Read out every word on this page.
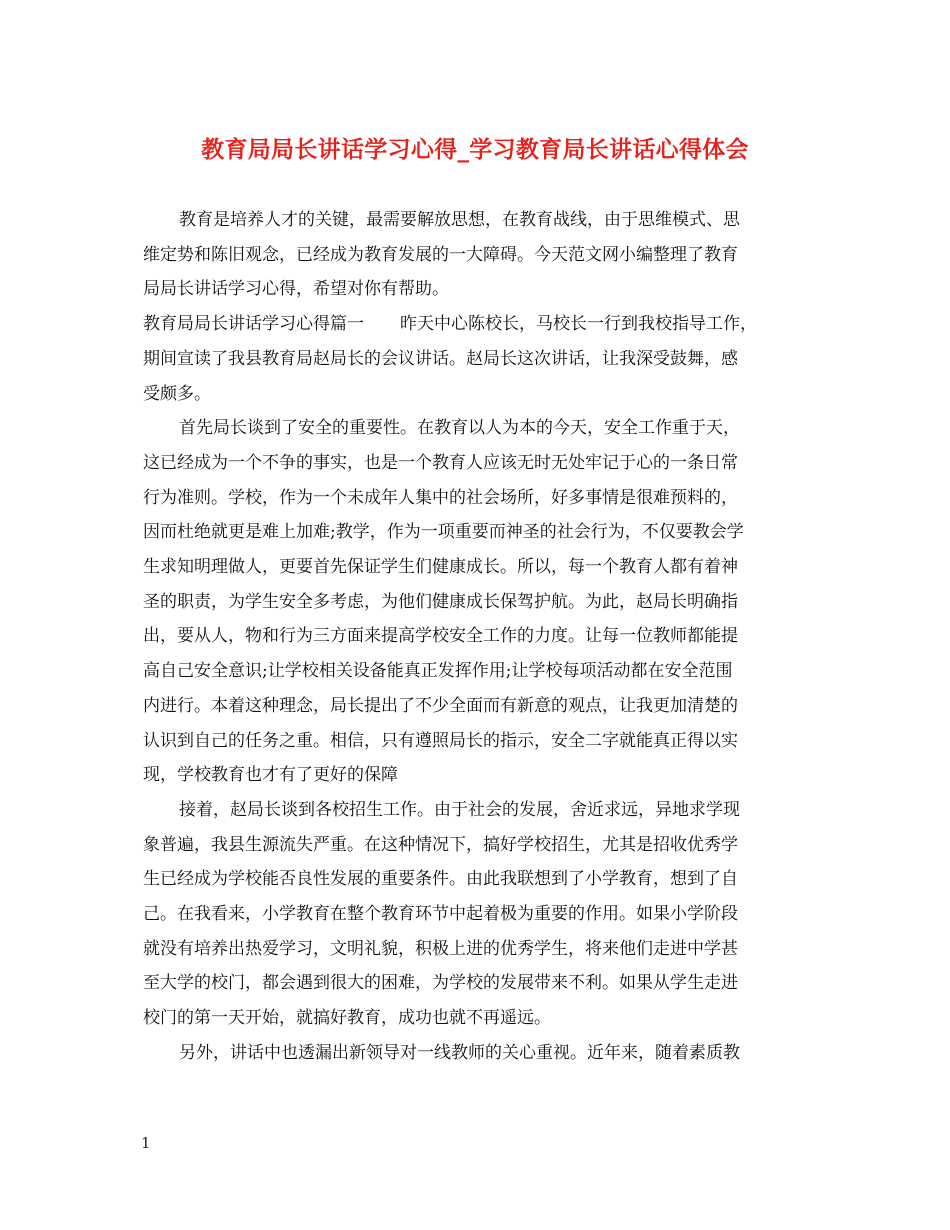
教育局局长讲话学习心得_学习教育局长讲话心得体会
教育是培养人才的关键，最需要解放思想，在教育战线，由于思维模式、思
维定势和陈旧观念，已经成为教育发展的一大障碍。今天范文网小编整理了教育
局局长讲话学习心得，希望对你有帮助。
教育局局长讲话学习心得篇一 昨天中心陈校长，马校长一行到我校指导工作，
期间宣读了我县教育局赵局长的会议讲话。赵局长这次讲话，让我深受鼓舞，感
受颇多。
首先局长谈到了安全的重要性。在教育以人为本的今天，安全工作重于天，
这已经成为一个不争的事实，也是一个教育人应该无时无处牢记于心的一条日常
行为准则。学校，作为一个未成年人集中的社会场所，好多事情是很难预料的，
因而杜绝就更是难上加难;教学，作为一项重要而神圣的社会行为，不仅要教会学
生求知明理做人，更要首先保证学生们健康成长。所以，每一个教育人都有着神
圣的职责，为学生安全多考虑，为他们健康成长保驾护航。为此，赵局长明确指
出，要从人，物和行为三方面来提高学校安全工作的力度。让每一位教师都能提
高自己安全意识;让学校相关设备能真正发挥作用;让学校每项活动都在安全范围
内进行。本着这种理念，局长提出了不少全面而有新意的观点，让我更加清楚的
认识到自己的任务之重。相信，只有遵照局长的指示，安全二字就能真正得以实
现，学校教育也才有了更好的保障
接着，赵局长谈到各校招生工作。由于社会的发展，舍近求远，异地求学现
象普遍，我县生源流失严重。在这种情况下，搞好学校招生，尤其是招收优秀学
生已经成为学校能否良性发展的重要条件。由此我联想到了小学教育，想到了自
己。在我看来，小学教育在整个教育环节中起着极为重要的作用。如果小学阶段
就没有培养出热爱学习，文明礼貌，积极上进的优秀学生，将来他们走进中学甚
至大学的校门，都会遇到很大的困难，为学校的发展带来不利。如果从学生走进
校门的第一天开始，就搞好教育，成功也就不再遥远。
另外，讲话中也透漏出新领导对一线教师的关心重视。近年来，随着素质教
1
